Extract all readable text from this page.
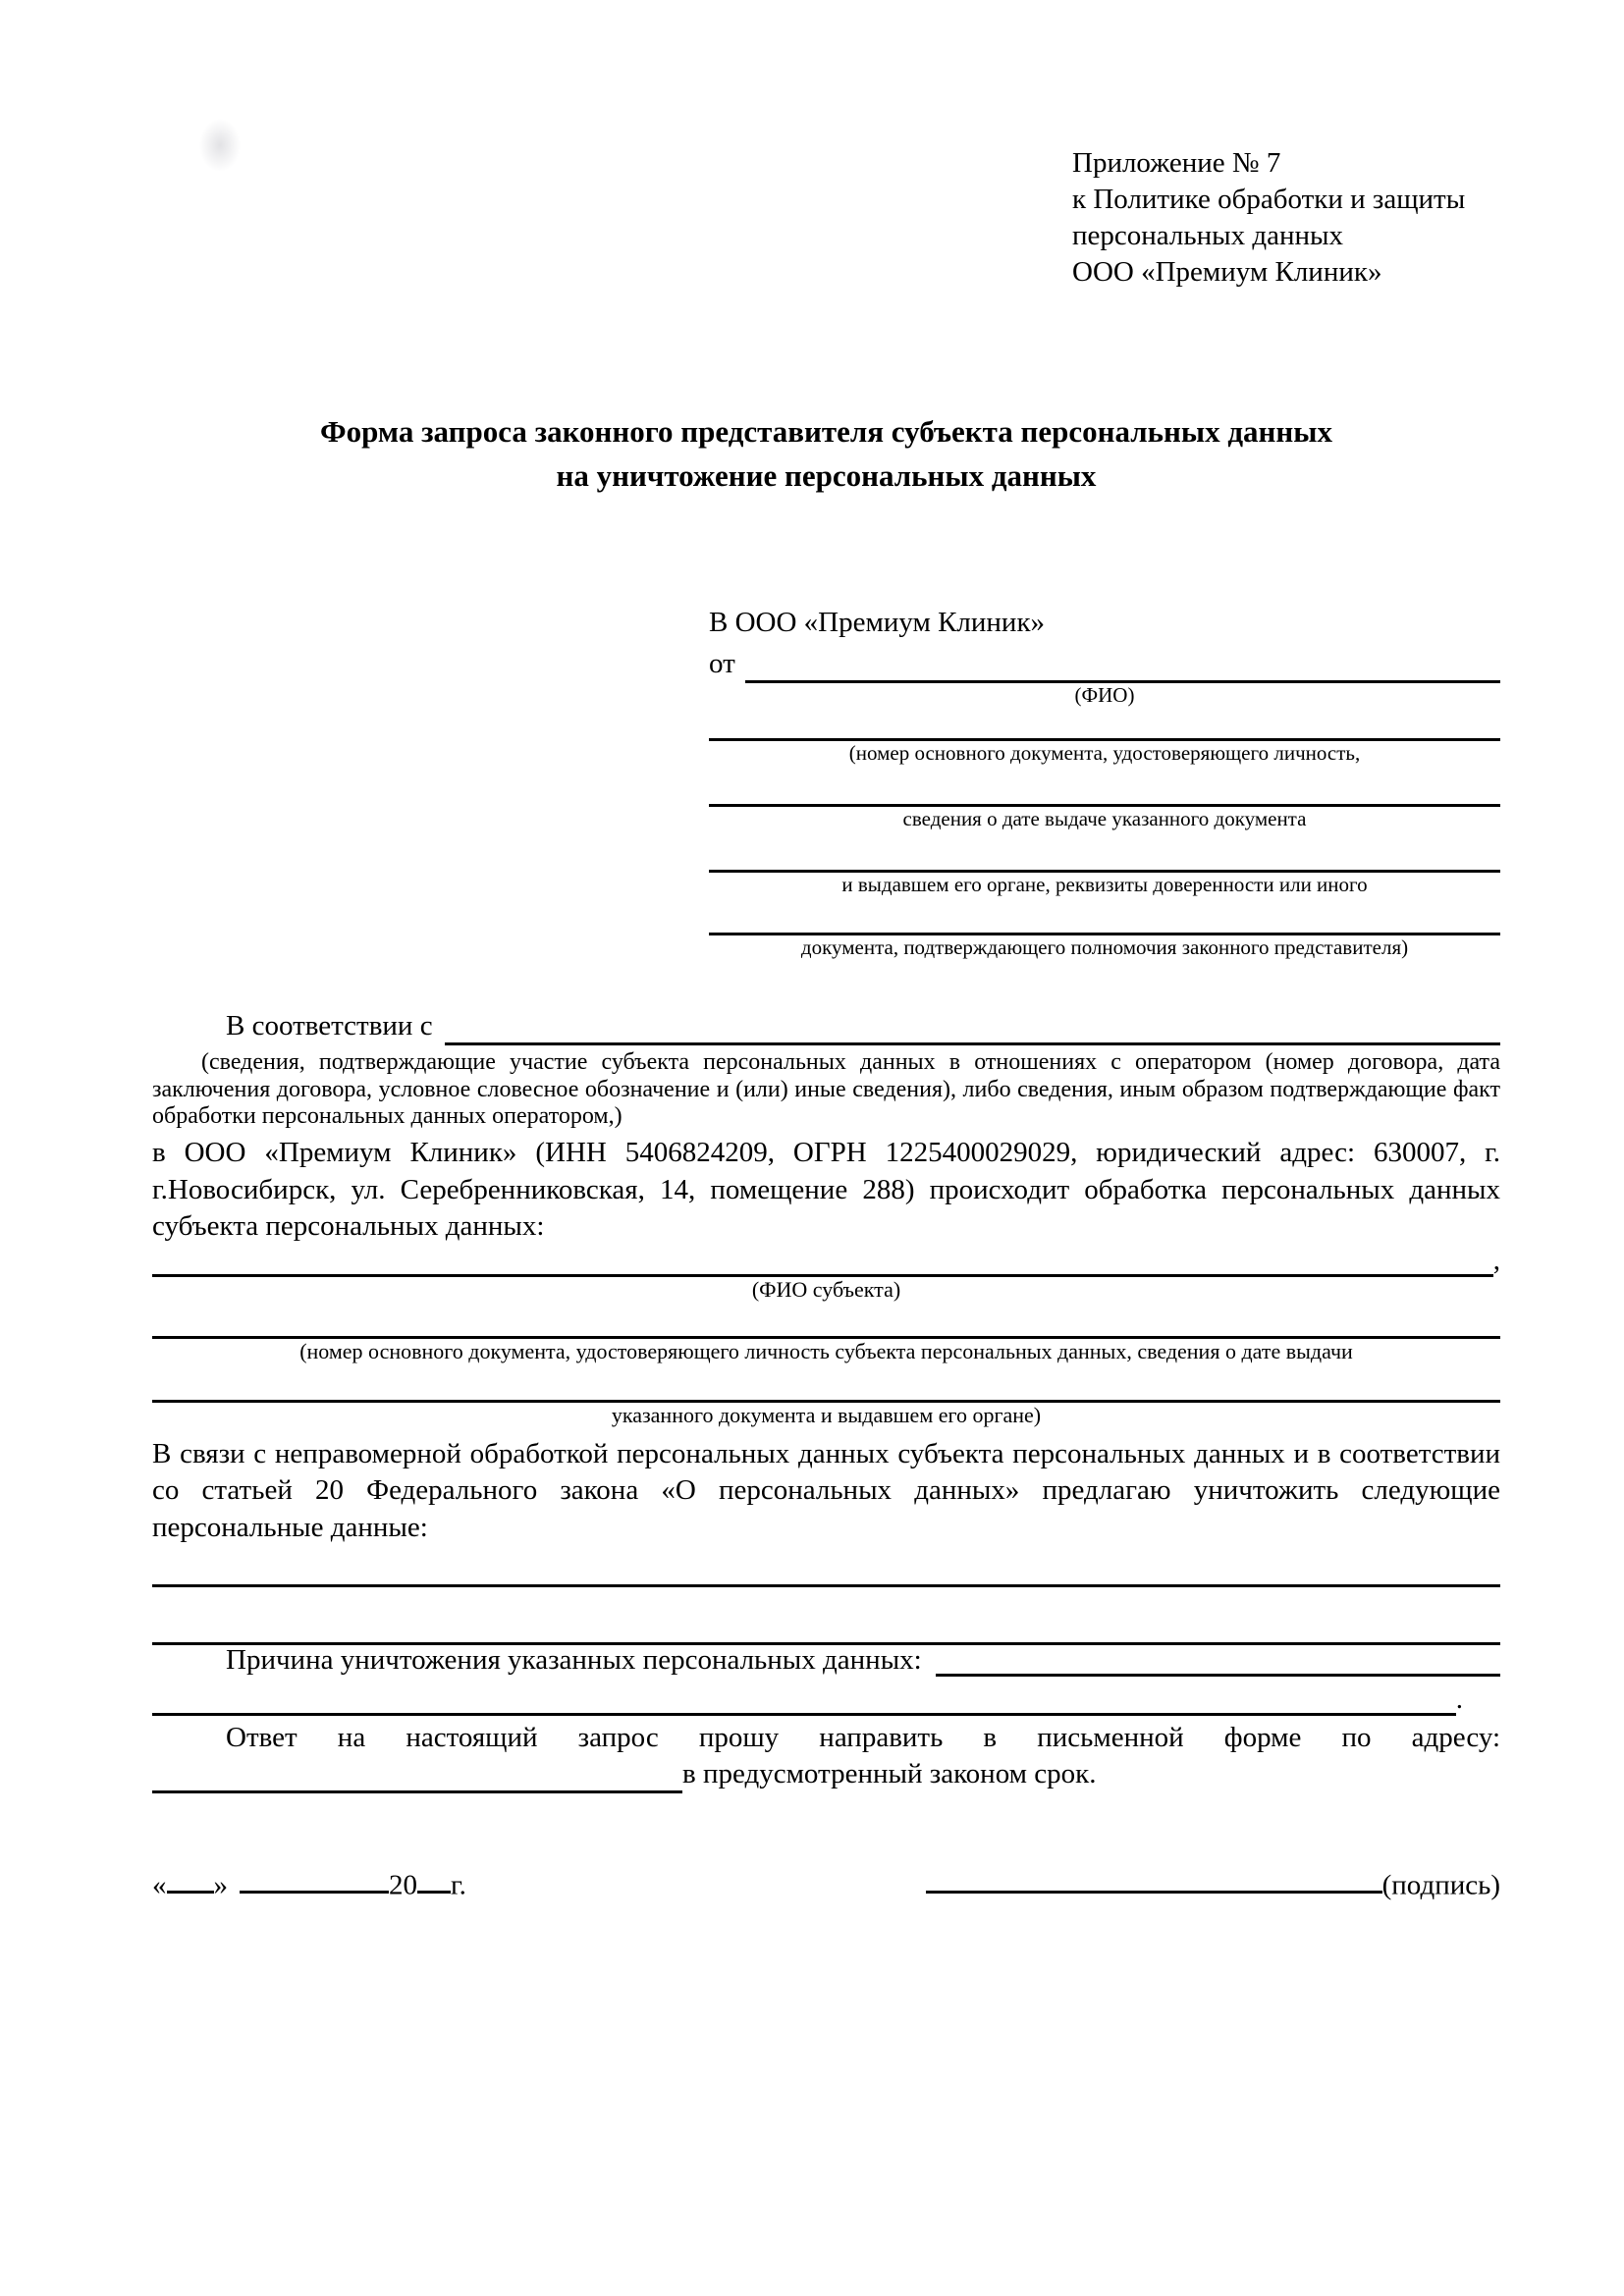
Приложение № 7
к Политике обработки и защиты
персональных данных
ООО «Премиум Клиник»
Форма запроса законного представителя субъекта персональных данных
на уничтожение персональных данных
В ООО «Премиум Клиник»
от
(ФИО)
(номер основного документа, удостоверяющего личность,
сведения о дате выдаче указанного документа
и выдавшем его органе, реквизиты доверенности или иного
документа, подтверждающего полномочия законного представителя)
В соответствии с
(сведения, подтверждающие участие субъекта персональных данных в отношениях с оператором (номер договора, дата заключения договора, условное словесное обозначение и (или) иные сведения), либо сведения, иным образом подтверждающие факт обработки персональных данных оператором,)
в ООО «Премиум Клиник» (ИНН 5406824209, ОГРН 1225400029029, юридический адрес: 630007, г. г.Новосибирск, ул. Серебренниковская, 14, помещение 288) происходит обработка персональных данных субъекта персональных данных:
,
(ФИО субъекта)
(номер основного документа, удостоверяющего личность субъекта персональных данных, сведения о дате выдачи
указанного документа и выдавшем его органе)
В связи с неправомерной обработкой персональных данных субъекта персональных данных и в соответствии со статьей 20 Федерального закона «О персональных данных» предлагаю уничтожить следующие персональные данные:
Причина уничтожения указанных персональных данных:
.
Ответ на настоящий запрос прошу направить в письменной форме по адресу:
в предусмотренный законом срок.
« »	20 г.	(подпись)
